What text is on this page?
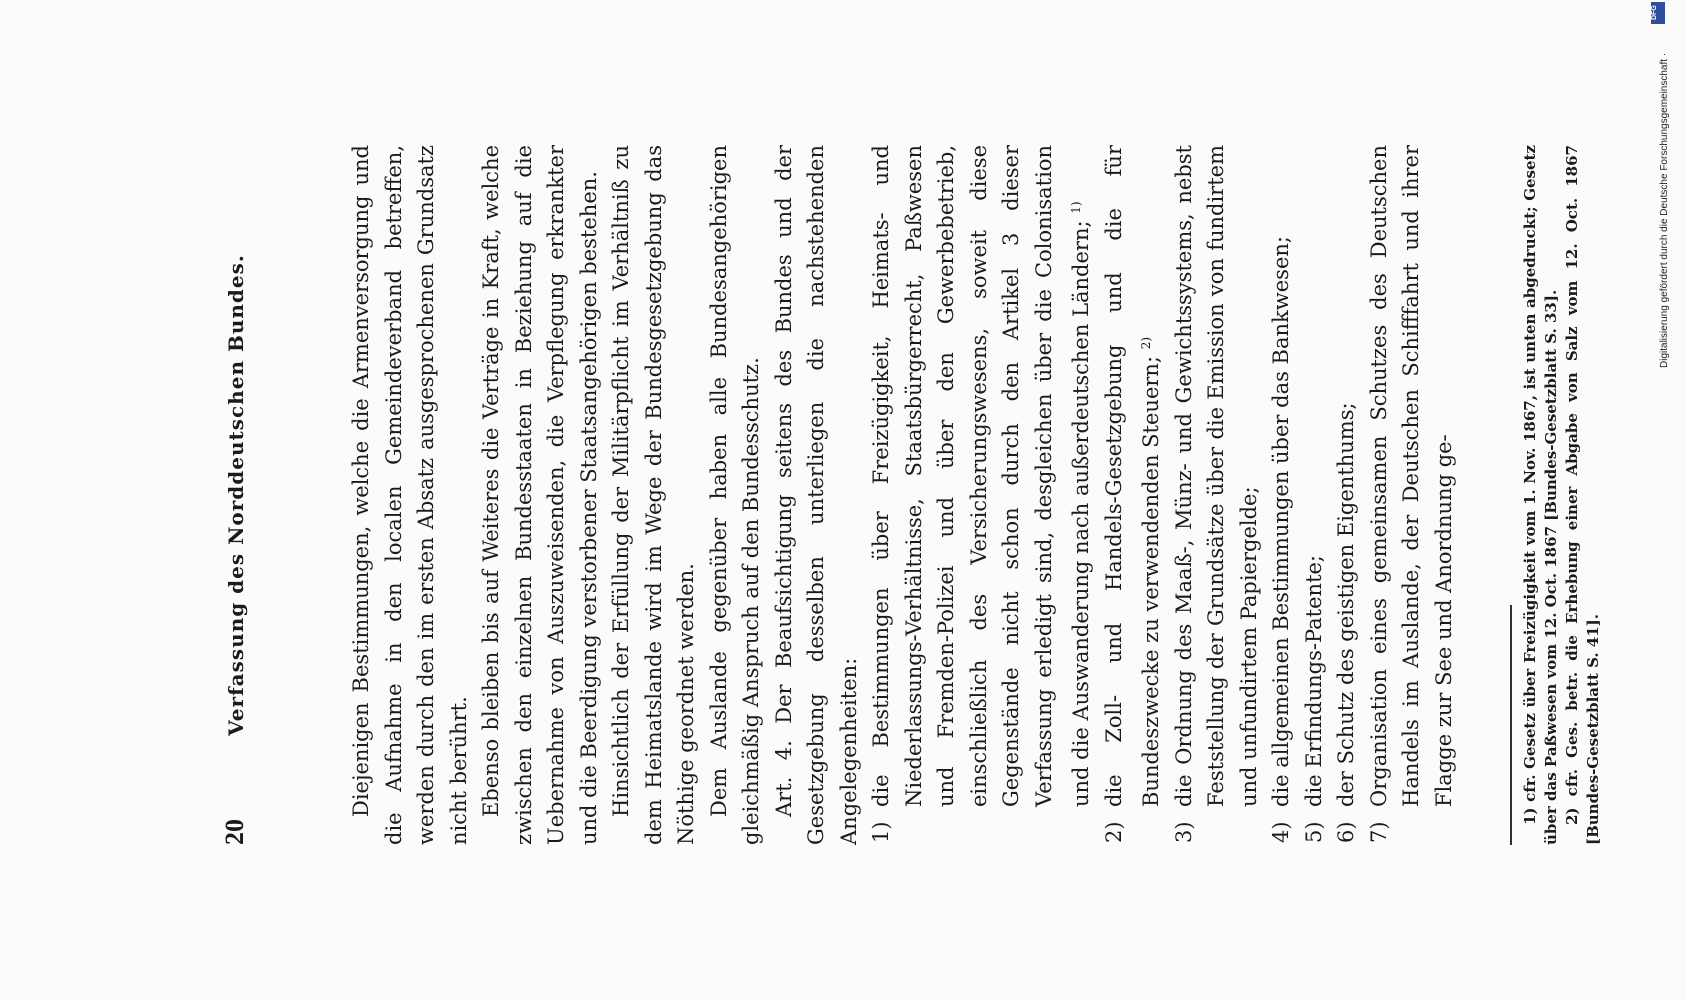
20
Verfassung des Norddeutschen Bundes.	Diejenigen Bestimmungen, welche die Armenversorgung und die Aufnahme in den localen Gemeindeverband betreffen, werden durch den im ersten Absatz ausgesprochenen Grundsatz nicht berührt. Ebenso bleiben bis auf Weiteres die Verträge in Kraft, welche zwischen den einzelnen Bundesstaaten in Beziehung auf die Uebernahme von Auszuweisenden, die Verpflegung erkrankter und die Beerdigung verstorbener Staatsangehörigen bestehen. Hinsichtlich der Erfüllung der Militärpflicht im Verhältniß zu dem Heimatslande wird im Wege der Bundesgesetzgebung das Nöthige geordnet werden. Dem Auslande gegenüber haben alle Bundesangehörigen gleichmäßig Anspruch auf den Bundesschutz. Art. 4. Der Beaufsichtigung seitens des Bundes und der Gesetzgebung desselben unterliegen die nachstehenden Angelegenheiten: 1)
die Bestimmungen über Freizügigkeit, Heimats- und Niederlassungs-Verhältnisse, Staatsbürgerrecht, Paßwesen und Fremden-Polizei und über den Gewerbebetrieb, einschließlich des Versicherungswesens, soweit diese Gegenstände nicht schon durch den Artikel 3 dieser Verfassung erledigt sind, desgleichen über die Colonisation und die Auswanderung nach außerdeutschen Ländern; $^{1)}$

2)
die Zoll- und Handels-Gesetzgebung und die für Bundeszwecke zu verwendenden Steuern; $^{2)}$

3)
die Ordnung des Maaß-, Münz- und Gewichtssystems, nebst Feststellung der Grundsätze über die Emission von fundirtem und unfundirtem Papiergelde;

4)
die allgemeinen Bestimmungen über das Bankwesen;

5)
die Erfindungs-Patente;

6)
der Schutz des geistigen Eigenthums;

7)
Organisation eines gemeinsamen Schutzes des Deutschen Handels im Auslande, der Deutschen Schifffahrt und ihrer Flagge zur See und Anordnung ge-	1) cfr. Gesetz über Freizügigkeit vom 1. Nov. 1867, ist unten abgedruckt; Gesetz über das Paßwesen vom 12. Oct. 1867 [Bundes-Gesetzblatt S. 33]. 2) cfr. Ges. betr. die Erhebung einer Abgabe von Salz vom 12. Oct. 1867 [Bundes-Gesetzblatt S. 41].

Digitalisierung gefördert durch die Deutsche Forschungsgemeinschaft ·
DFG
